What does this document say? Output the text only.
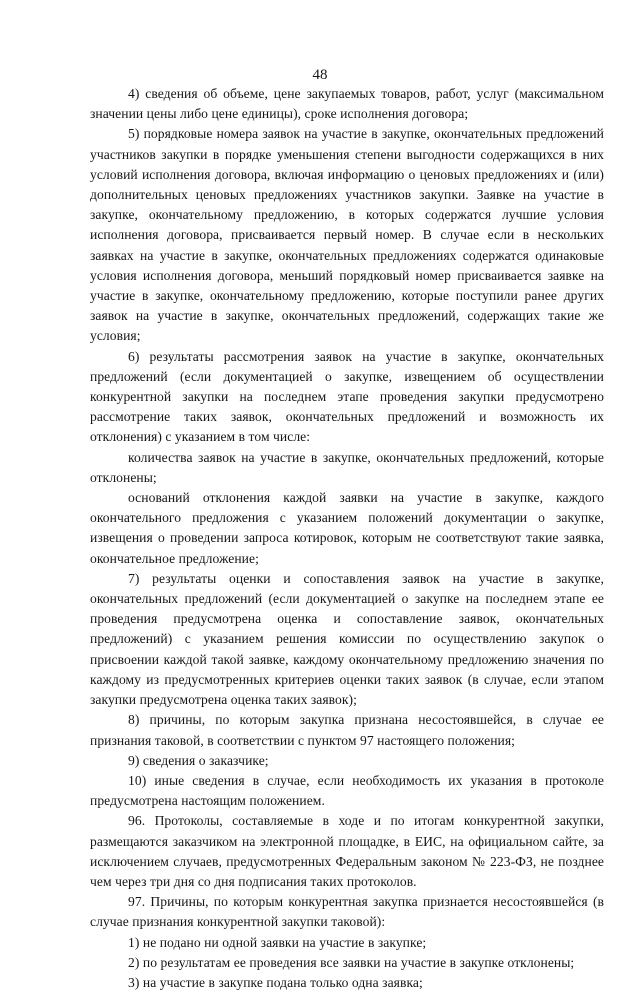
48

4) сведения об объеме, цене закупаемых товаров, работ, услуг (максимальном значении цены либо цене единицы), сроке исполнения договора;

5) порядковые номера заявок на участие в закупке, окончательных предложений участников закупки в порядке уменьшения степени выгодности содержащихся в них условий исполнения договора, включая информацию о ценовых предложениях и (или) дополнительных ценовых предложениях участников закупки. Заявке на участие в закупке, окончательному предложению, в которых содержатся лучшие условия исполнения договора, присваивается первый номер. В случае если в нескольких заявках на участие в закупке, окончательных предложениях содержатся одинаковые условия исполнения договора, меньший порядковый номер присваивается заявке на участие в закупке, окончательному предложению, которые поступили ранее других заявок на участие в закупке, окончательных предложений, содержащих такие же условия;

6) результаты рассмотрения заявок на участие в закупке, окончательных предложений (если документацией о закупке, извещением об осуществлении конкурентной закупки на последнем этапе проведения закупки предусмотрено рассмотрение таких заявок, окончательных предложений и возможность их отклонения) с указанием в том числе:

количества заявок на участие в закупке, окончательных предложений, которые отклонены;

оснований отклонения каждой заявки на участие в закупке, каждого окончательного предложения с указанием положений документации о закупке, извещения о проведении запроса котировок, которым не соответствуют такие заявка, окончательное предложение;

7) результаты оценки и сопоставления заявок на участие в закупке, окончательных предложений (если документацией о закупке на последнем этапе ее проведения предусмотрена оценка и сопоставление заявок, окончательных предложений) с указанием решения комиссии по осуществлению закупок о присвоении каждой такой заявке, каждому окончательному предложению значения по каждому из предусмотренных критериев оценки таких заявок (в случае, если этапом закупки предусмотрена оценка таких заявок);

8) причины, по которым закупка признана несостоявшейся, в случае ее признания таковой, в соответствии с пунктом 97 настоящего положения;

9) сведения о заказчике;

10) иные сведения в случае, если необходимость их указания в протоколе предусмотрена настоящим положением.

96. Протоколы, составляемые в ходе и по итогам конкурентной закупки, размещаются заказчиком на электронной площадке, в ЕИС, на официальном сайте, за исключением случаев, предусмотренных Федеральным законом № 223-ФЗ, не позднее чем через три дня со дня подписания таких протоколов.

97. Причины, по которым конкурентная закупка признается несостоявшейся (в случае признания конкурентной закупки таковой):

1) не подано ни одной заявки на участие в закупке;

2) по результатам ее проведения все заявки на участие в закупке отклонены;

3) на участие в закупке подана только одна заявка;
